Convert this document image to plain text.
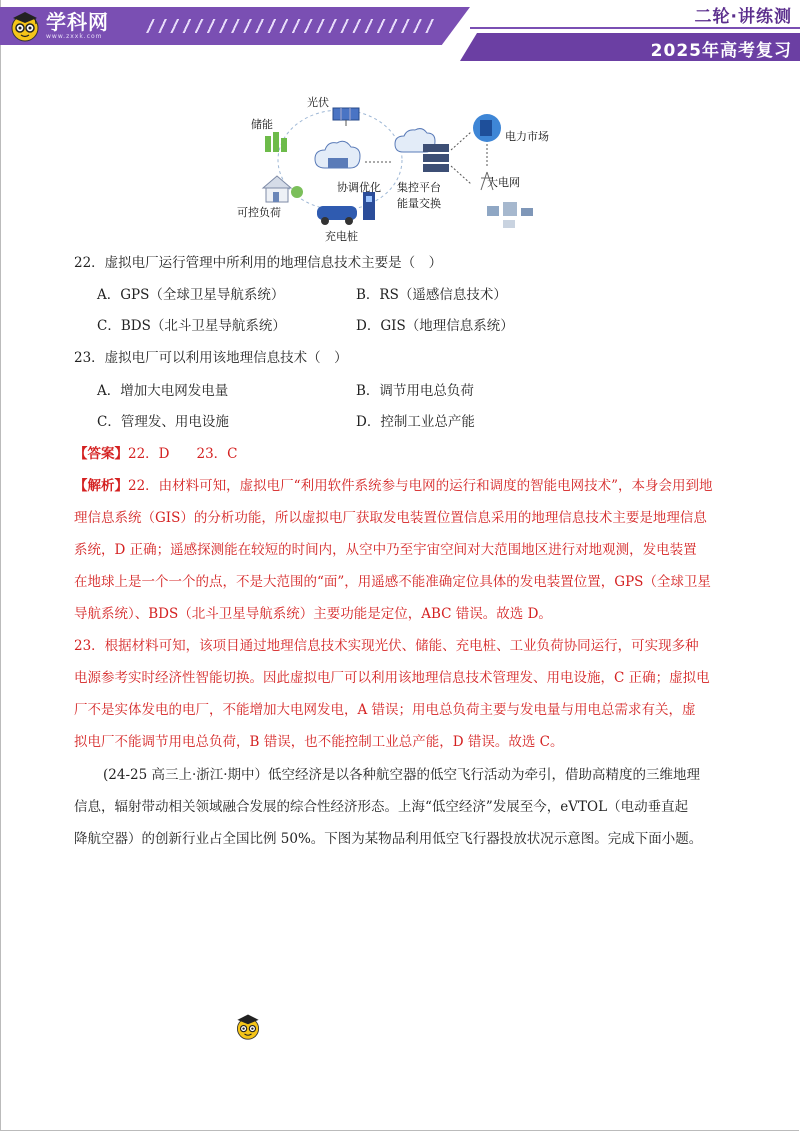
学科网
www.zxxk.com
二轮·讲练测
2025年高考复习
光伏
储能
可控负荷
充电桩
协调优化 集控平台
能量交换
电力市场
大电网
22．虚拟电厂运行管理中所利用的地理信息技术主要是（　）
A．GPS（全球卫星导航系统）	B．RS（遥感信息技术）
C．BDS（北斗卫星导航系统）	D．GIS（地理信息系统）
23．虚拟电厂可以利用该地理信息技术（　）
A．增加大电网发电量	B．调节用电总负荷
C．管理发、用电设施	D．控制工业总产能
【答案】22．D　　23．C
【解析】22．由材料可知，虚拟电厂“利用软件系统参与电网的运行和调度的智能电网技术”，本身会用到地
理信息系统（GIS）的分析功能，所以虚拟电厂获取发电装置位置信息采用的地理信息技术主要是地理信息
系统，D 正确；遥感探测能在较短的时间内，从空中乃至宇宙空间对大范围地区进行对地观测，发电装置
在地球上是一个一个的点，不是大范围的“面”，用遥感不能准确定位具体的发电装置位置，GPS（全球卫星
导航系统）、BDS（北斗卫星导航系统）主要功能是定位，ABC 错误。故选 D。
23．根据材料可知，该项目通过地理信息技术实现光伏、储能、充电桩、工业负荷协同运行，可实现多种
电源参考实时经济性智能切换。因此虚拟电厂可以利用该地理信息技术管理发、用电设施，C 正确；虚拟电
厂不是实体发电的电厂，不能增加大电网发电，A 错误；用电总负荷主要与发电量与用电总需求有关，虚
拟电厂不能调节用电总负荷，B 错误，也不能控制工业总产能，D 错误。故选 C。
(24-25 高三上·浙江·期中）低空经济是以各种航空器的低空飞行活动为牵引，借助高精度的三维地理
信息，辐射带动相关领域融合发展的综合性经济形态。上海“低空经济”发展至今，eVTOL（电动垂直起
降航空器）的创新行业占全国比例 50%。下图为某物品利用低空飞行器投放状况示意图。完成下面小题。
